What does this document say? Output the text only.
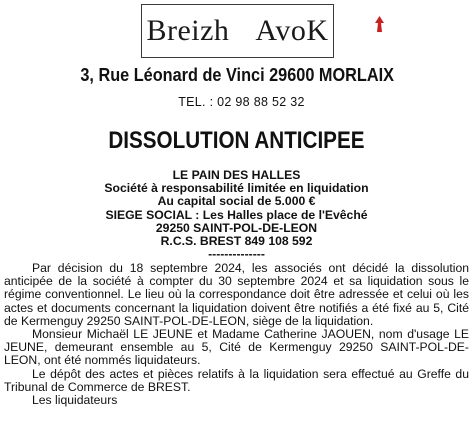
Breizh AvoK
3, Rue Léonard de Vinci 29600 MORLAIX
TEL. : 02 98 88 52 32
DISSOLUTION ANTICIPEE
LE PAIN DES HALLES
Société à responsabilité limitée en liquidation
Au capital social de 5.000 €
SIEGE SOCIAL : Les Halles place de l'Evêché
29250 SAINT-POL-DE-LEON
R.C.S. BREST 849 108 592
--------------

Par décision du 18 septembre 2024, les associés ont décidé la dissolution anticipée de la société à compter du 30 septembre 2024 et sa liquidation sous le régime conventionnel. Le lieu où la correspondance doit être adressée et celui où les actes et documents concernant la liquidation doivent être notifiés a été fixé au 5, Cité de Kermenguy 29250 SAINT-POL-DE-LEON, siège de la liquidation.

Monsieur Michaël LE JEUNE et Madame Catherine JAOUEN, nom d'usage LE JEUNE, demeurant ensemble au 5, Cité de Kermenguy 29250 SAINT-POL-DE-LEON, ont été nommés liquidateurs.

Le dépôt des actes et pièces relatifs à la liquidation sera effectué au Greffe du Tribunal de Commerce de BREST.

Les liquidateurs
